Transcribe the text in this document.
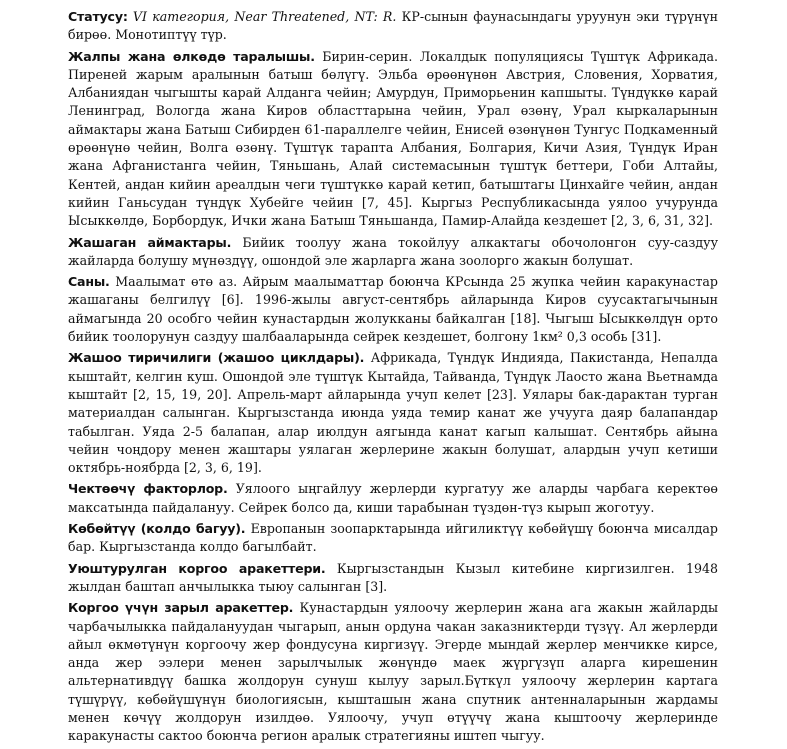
Статусу: VI категория, Near Threatened, NT: R. КР-сынын фаунасындагы уруунун эки түрүнүн бирөө. Монотиптүү түр.

Жалпы жана өлкөдө таралышы. Бирин-серин. Локалдык популяциясы Түштүк Африкада. Пиреней жарым аралынын батыш бөлүгү. Эльба өрөөнүнөн Австрия, Словения, Хорватия, Албаниядан чыгышты карай Алданга чейин; Амурдун, Приморьенин капшыты. Түндүккө карай Ленинград, Вологда жана Киров областтарына чейин, Урал өзөнү, Урал кыркаларынын аймактары жана Батыш Сибирден 61-параллелге чейин, Енисей өзөнүнөн Тунгус Подкаменный өрөөнүнө чейин, Волга өзөнү. Түштүк тарапта Албания, Болгария, Кичи Азия, Түндүк Иран жана Афганистанга чейин, Тяньшань, Алай системасынын түштүк беттери, Гоби Алтайы, Кентей, андан кийин ареалдын чеги түштүккө карай кетип, батыштагы Цинхайге чейин, андан кийин Ганьсудан түндүк Хубейге чейин [7, 45]. Кыргыз Республикасында уялоо учурунда Ысыккөлдө, Борбордук, Ички жана Батыш Тяньшанда, Памир-Алайда кездешет [2, 3, 6, 31, 32].

Жашаган аймактары. Бийик тоолуу жана токойлуу алкактагы обочолонгон суу-саздуу жайларда болушу мүнөздүү, ошондой эле жарларга жана зоолорго жакын болушат.

Саны. Маалымат өтө аз. Айрым маалыматтар боюнча КРсында 25 жупка чейин каракунастар жашаганы белгилүү [6]. 1996-жылы август-сентябрь айларында Киров суусактагычынын аймагында 20 особго чейин кунастардын жолукканы байкалган [18]. Чыгыш Ысыккөлдүн орто бийик тоолорунун саздуу шалбааларында сейрек кездешет, болгону 1км² 0,3 особь [31].

Жашоо тиричилиги (жашоо циклдары). Африкада, Түндүк Индияда, Пакистанда, Непалда кыштайт, келгин куш. Ошондой эле түштүк Кытайда, Тайванда, Түндүк Лаосто жана Вьетнамда кыштайт [2, 15, 19, 20]. Апрель-март айларында учуп келет [23]. Уялары бак-дарактан турган материалдан салынган. Кыргызстанда июнда уяда темир канат же учууга даяр балапандар табылган. Уяда 2-5 балапан, алар июлдун аягында канат кагып калышат. Сентябрь айына чейин чоңдору менен жаштары уялаган жерлерине жакын болушат, алардын учуп кетиши октябрь-ноябрда [2, 3, 6, 19].

Чектөөчү факторлор. Уялоого ыңгайлуу жерлерди кургатуу же аларды чарбага керектөө максатында пайдалануу. Сейрек болсо да, киши тарабынан түздөн-түз кырып жоготуу.

Көбөйтүү (колдо багуу). Европанын зоопарктарында ийгиликтүү көбөйүшү боюнча мисалдар бар. Кыргызстанда колдо багылбайт.

Уюштурулган коргоо аракеттери. Кыргызстандын Кызыл китебине киргизилген. 1948 жылдан баштап анчылыкка тыюу салынган [3].

Коргоо үчүн зарыл аракеттер. Кунастардын уялоочу жерлерин жана ага жакын жайларды чарбачылыкка пайдалануудан чыгарып, анын ордуна чакан заказниктерди түзүү. Ал жерлерди айыл өкмөтүнүн коргоочу жер фондусуна киргизүү. Эгерде мындай жерлер менчикке кирсе, анда жер ээлери менен зарылчылык жөнүндө маек жүргүзүп аларга кирешенин альтернативдүү башка жолдорун сунуш кылуу зарыл.Бүткүл уялоочу жерлерин картага түшүрүү, көбөйүшүнүн биологиясын, кышташын жана спутник антенналарынын жардамы менен көчүү жолдорун изилдөө. Уялоочу, учуп өтүүчү жана кыштоочу жерлеринде каракунасты сактоо боюнча регион аралык стратегияны иштеп чыгуу.
